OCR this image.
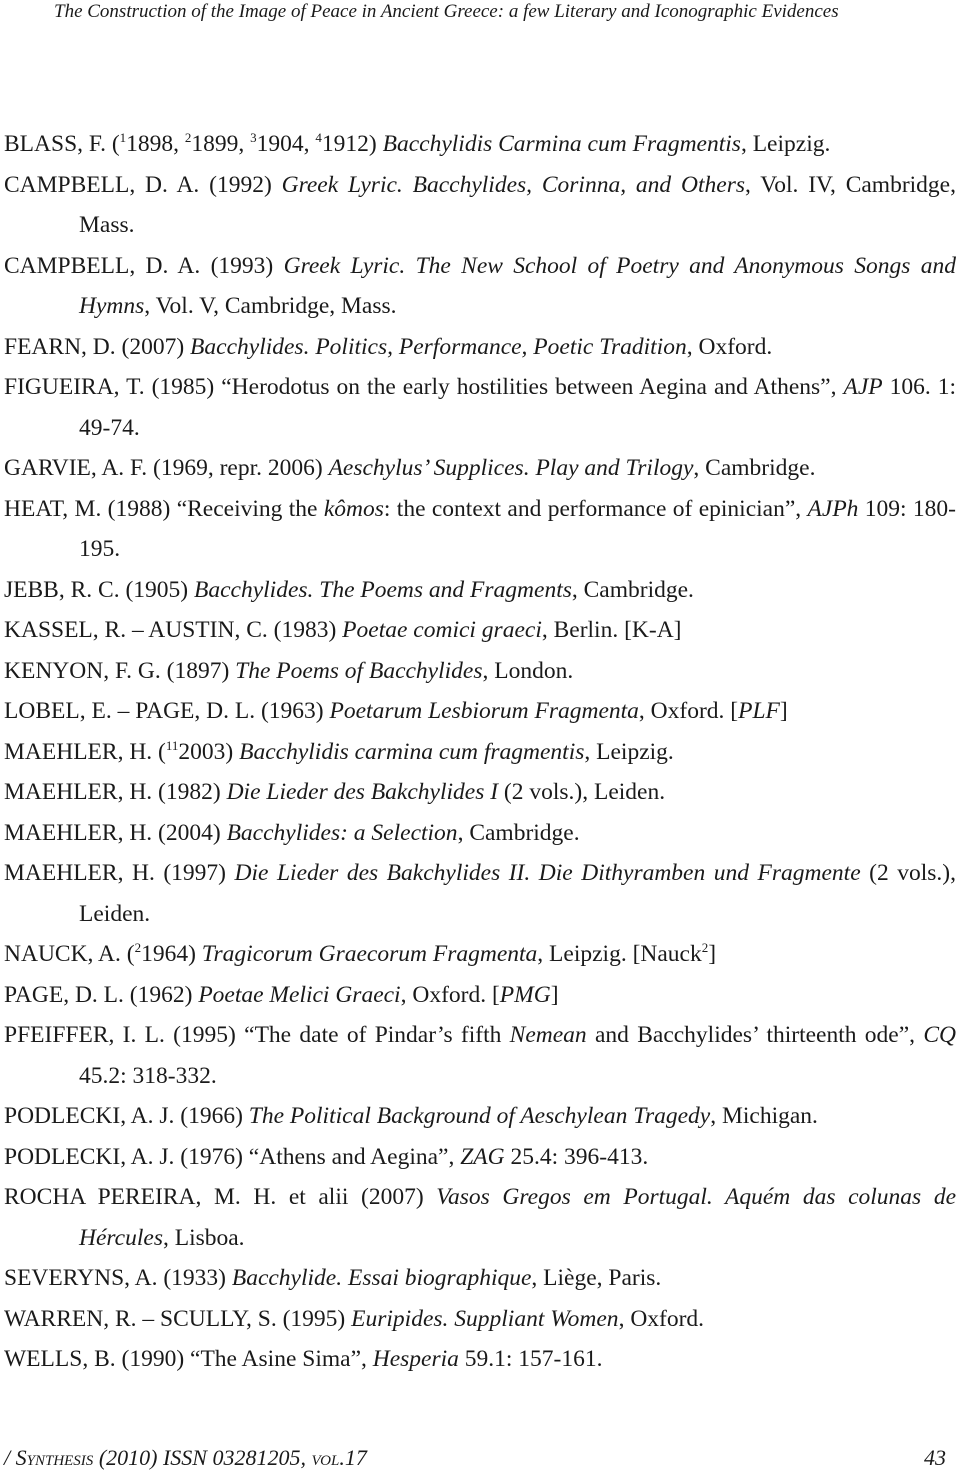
The Construction of the Image of Peace in Ancient Greece: a few Literary and Iconographic Evidences
BLASS, F. ($^1$1898, $^2$1899, $^3$1904, $^4$1912) Bacchylidis Carmina cum Fragmentis, Leipzig.
CAMPBELL, D. A. (1992) Greek Lyric. Bacchylides, Corinna, and Others, Vol. IV, Cambridge, Mass.
CAMPBELL, D. A. (1993) Greek Lyric. The New School of Poetry and Anonymous Songs and Hymns, Vol. V, Cambridge, Mass.
FEARN, D. (2007) Bacchylides. Politics, Performance, Poetic Tradition, Oxford.
FIGUEIRA, T. (1985) “Herodotus on the early hostilities between Aegina and Athens”, AJP 106. 1: 49-74.
GARVIE, A. F. (1969, repr. 2006) Aeschylus’ Supplices. Play and Trilogy, Cambridge.
HEAT, M. (1988) “Receiving the kômos: the context and performance of epinician”, AJPh 109: 180-195.
JEBB, R. C. (1905) Bacchylides. The Poems and Fragments, Cambridge.
KASSEL, R. – AUSTIN, C. (1983) Poetae comici graeci, Berlin. [K-A]
KENYON, F. G. (1897) The Poems of Bacchylides, London.
LOBEL, E. – PAGE, D. L. (1963) Poetarum Lesbiorum Fragmenta, Oxford. [PLF]
MAEHLER, H. ($^{11}$2003) Bacchylidis carmina cum fragmentis, Leipzig.
MAEHLER, H. (1982) Die Lieder des Bakchylides I (2 vols.), Leiden.
MAEHLER, H. (2004) Bacchylides: a Selection, Cambridge.
MAEHLER, H. (1997) Die Lieder des Bakchylides II. Die Dithyramben und Fragmente (2 vols.), Leiden.
NAUCK, A. ($^2$1964) Tragicorum Graecorum Fragmenta, Leipzig. [Nauck$^2$]
PAGE, D. L. (1962) Poetae Melici Graeci, Oxford. [PMG]
PFEIFFER, I. L. (1995) “The date of Pindar’s fifth Nemean and Bacchylides’ thirteenth ode”, CQ 45.2: 318-332.
PODLECKI, A. J. (1966) The Political Background of Aeschylean Tragedy, Michigan.
PODLECKI, A. J. (1976) “Athens and Aegina”, ZAG 25.4: 396-413.
ROCHA PEREIRA, M. H. et alii (2007) Vasos Gregos em Portugal. Aquém das colunas de Hércules, Lisboa.
SEVERYNS, A. (1933) Bacchylide. Essai biographique, Liège, Paris.
WARREN, R. – SCULLY, S. (1995) Euripides. Suppliant Women, Oxford.
WELLS, B. (1990) “The Asine Sima”, Hesperia 59.1: 157-161.
/ Synthesis (2010) ISSN 03281205, vol.17	43
